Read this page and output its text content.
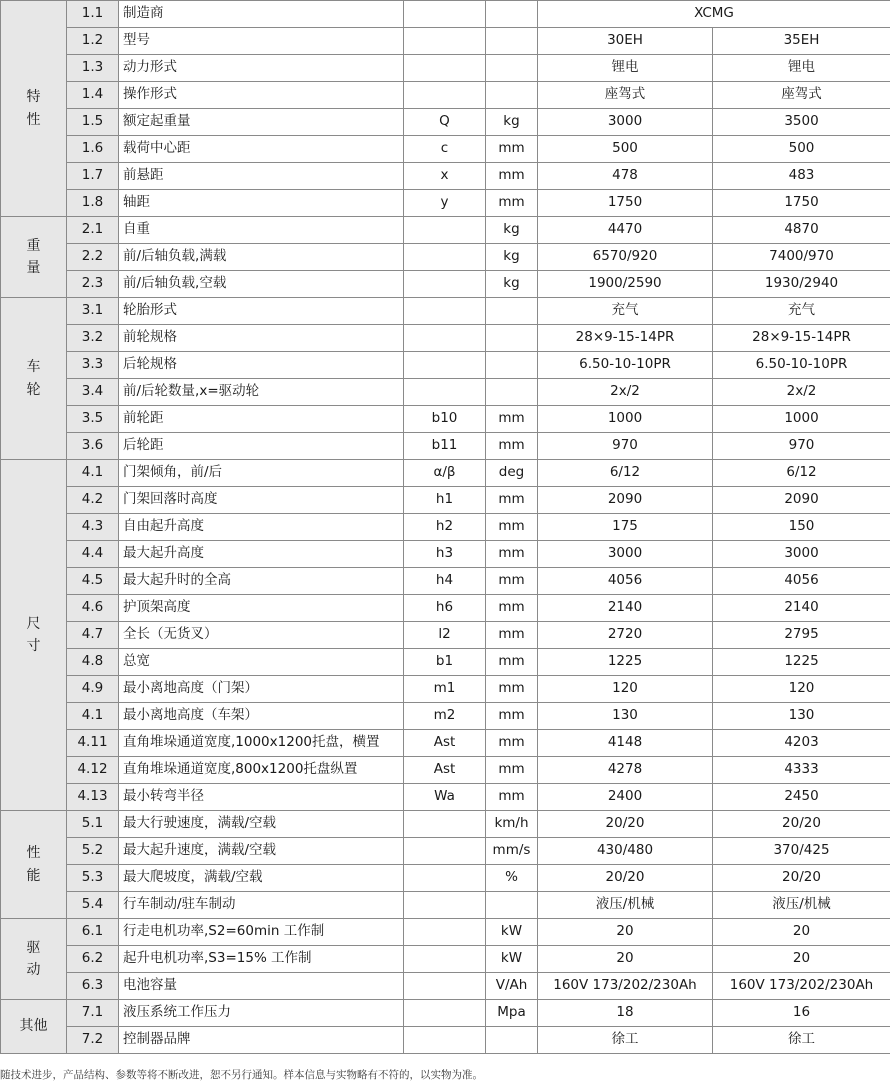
特
性	1.1	制造商			XCMG	
	1.2	型号			30EH	35EH
	1.3	动力形式			锂电	锂电
	1.4	操作形式			座驾式	座驾式
	1.5	额定起重量	Q	kg	3000	3500
	1.6	载荷中心距	c	mm	500	500
	1.7	前悬距	x	mm	478	483
	1.8	轴距	y	mm	1750	1750

重
量	2.1	自重		kg	4470	4870
	2.2	前/后轴负载,满载		kg	6570/920	7400/970
	2.3	前/后轴负载,空载		kg	1900/2590	1930/2940

车
轮	3.1	轮胎形式			充气	充气
	3.2	前轮规格			28×9-15-14PR	28×9-15-14PR
	3.3	后轮规格			6.50-10-10PR	6.50-10-10PR
	3.4	前/后轮数量,x=驱动轮			2x/2	2x/2
	3.5	前轮距	b10	mm	1000	1000
	3.6	后轮距	b11	mm	970	970

尺
寸	4.1	门架倾角，前/后	α/β	deg	6/12	6/12
	4.2	门架回落时高度	h1	mm	2090	2090
	4.3	自由起升高度	h2	mm	175	150
	4.4	最大起升高度	h3	mm	3000	3000
	4.5	最大起升时的全高	h4	mm	4056	4056
	4.6	护顶架高度	h6	mm	2140	2140
	4.7	全长（无货叉）	l2	mm	2720	2795
	4.8	总宽	b1	mm	1225	1225
	4.9	最小离地高度（门架）	m1	mm	120	120
	4.1	最小离地高度（车架）	m2	mm	130	130
	4.11	直角堆垛通道宽度,1000x1200托盘，横置	Ast	mm	4148	4203
	4.12	直角堆垛通道宽度,800x1200托盘纵置	Ast	mm	4278	4333
	4.13	最小转弯半径	Wa	mm	2400	2450

性
能	5.1	最大行驶速度，满载/空载		km/h	20/20	20/20
	5.2	最大起升速度，满载/空载		mm/s	430/480	370/425
	5.3	最大爬坡度，满载/空载		%	20/20	20/20
	5.4	行车制动/驻车制动			液压/机械	液压/机械

驱
动	6.1	行走电机功率,S2=60min 工作制		kW	20	20
	6.2	起升电机功率,S3=15% 工作制		kW	20	20
	6.3	电池容量		V/Ah	160V 173/202/230Ah	160V 173/202/230Ah
其他	7.1	液压系统工作压力		Mpa	18	16
	7.2	控制器品牌			徐工	徐工
随技术进步，产品结构、参数等将不断改进，恕不另行通知。样本信息与实物略有不符的，以实物为准。
